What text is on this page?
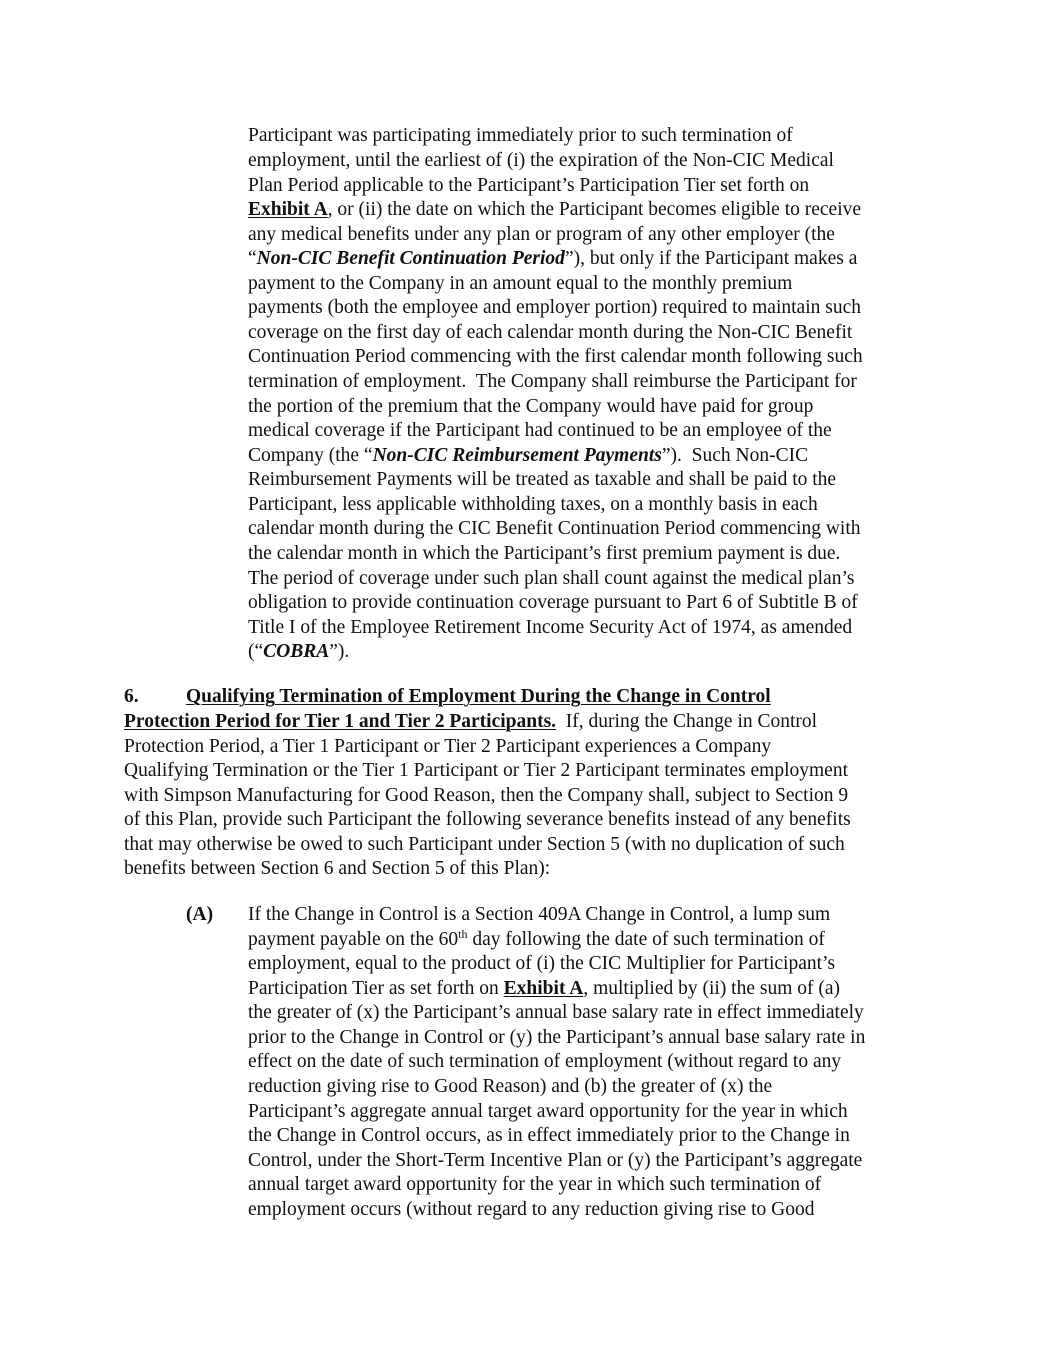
Participant was participating immediately prior to such termination of
employment, until the earliest of (i) the expiration of the Non-CIC Medical
Plan Period applicable to the Participant’s Participation Tier set forth on
Exhibit A, or (ii) the date on which the Participant becomes eligible to receive
any medical benefits under any plan or program of any other employer (the
“Non-CIC Benefit Continuation Period”), but only if the Participant makes a
payment to the Company in an amount equal to the monthly premium
payments (both the employee and employer portion) required to maintain such
coverage on the first day of each calendar month during the Non-CIC Benefit
Continuation Period commencing with the first calendar month following such
termination of employment.  The Company shall reimburse the Participant for
the portion of the premium that the Company would have paid for group
medical coverage if the Participant had continued to be an employee of the
Company (the “Non-CIC Reimbursement Payments”).  Such Non-CIC
Reimbursement Payments will be treated as taxable and shall be paid to the
Participant, less applicable withholding taxes, on a monthly basis in each
calendar month during the CIC Benefit Continuation Period commencing with
the calendar month in which the Participant’s first premium payment is due.
The period of coverage under such plan shall count against the medical plan’s
obligation to provide continuation coverage pursuant to Part 6 of Subtitle B of
Title I of the Employee Retirement Income Security Act of 1974, as amended
(“COBRA”).
6. Qualifying Termination of Employment During the Change in Control
Protection Period for Tier 1 and Tier 2 Participants.  If, during the Change in Control
Protection Period, a Tier 1 Participant or Tier 2 Participant experiences a Company
Qualifying Termination or the Tier 1 Participant or Tier 2 Participant terminates employment
with Simpson Manufacturing for Good Reason, then the Company shall, subject to Section 9
of this Plan, provide such Participant the following severance benefits instead of any benefits
that may otherwise be owed to such Participant under Section 5 (with no duplication of such
benefits between Section 6 and Section 5 of this Plan):
(A) If the Change in Control is a Section 409A Change in Control, a lump sum
payment payable on the 60th day following the date of such termination of
employment, equal to the product of (i) the CIC Multiplier for Participant’s
Participation Tier as set forth on Exhibit A, multiplied by (ii) the sum of (a)
the greater of (x) the Participant’s annual base salary rate in effect immediately
prior to the Change in Control or (y) the Participant’s annual base salary rate in
effect on the date of such termination of employment (without regard to any
reduction giving rise to Good Reason) and (b) the greater of (x) the
Participant’s aggregate annual target award opportunity for the year in which
the Change in Control occurs, as in effect immediately prior to the Change in
Control, under the Short-Term Incentive Plan or (y) the Participant’s aggregate
annual target award opportunity for the year in which such termination of
employment occurs (without regard to any reduction giving rise to Good
